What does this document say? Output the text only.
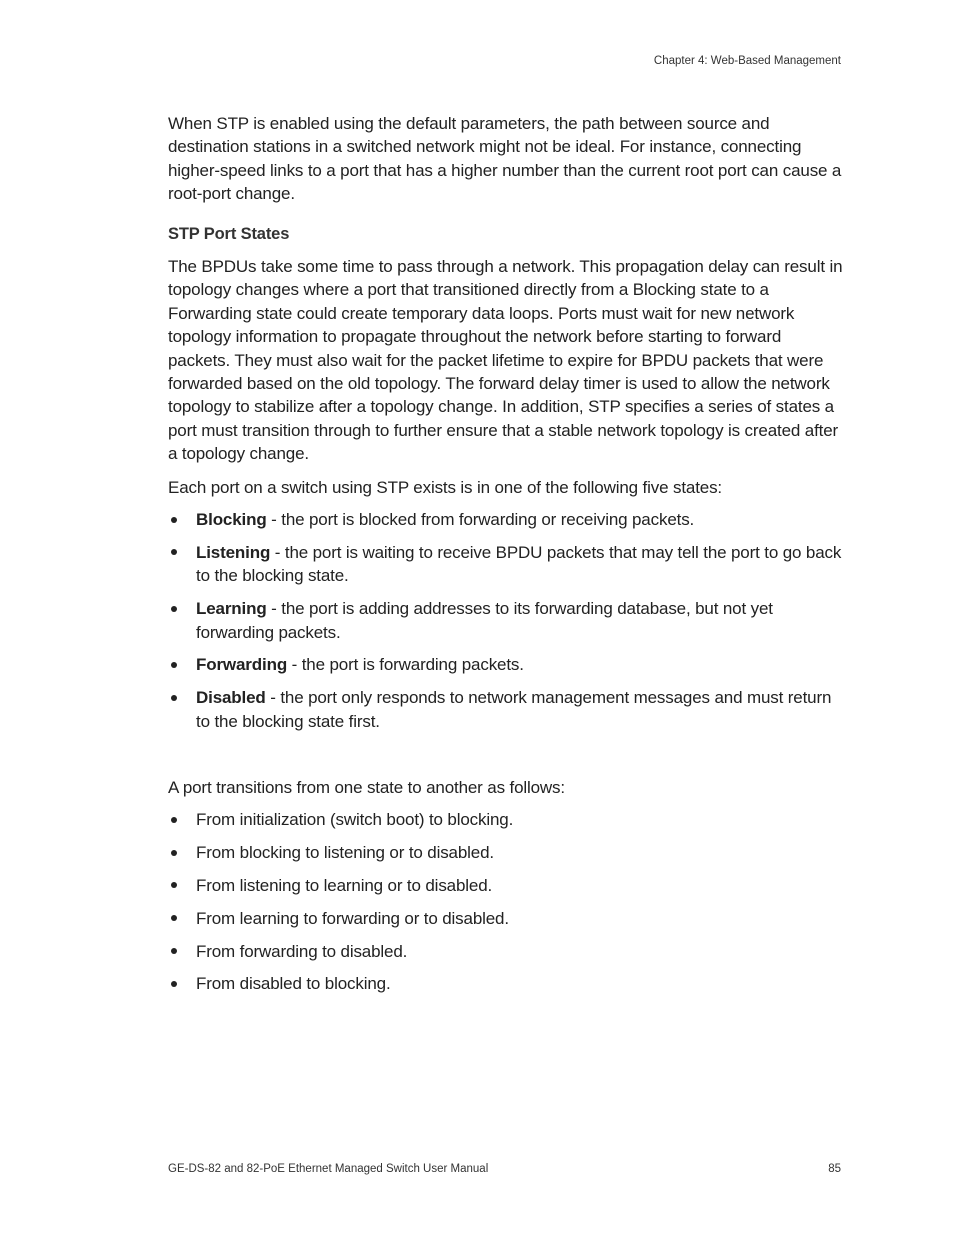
Chapter 4: Web-Based Management

When STP is enabled using the default parameters, the path between source and destination stations in a switched network might not be ideal. For instance, connecting higher-speed links to a port that has a higher number than the current root port can cause a root-port change.

STP Port States

The BPDUs take some time to pass through a network. This propagation delay can result in topology changes where a port that transitioned directly from a Blocking state to a Forwarding state could create temporary data loops. Ports must wait for new network topology information to propagate throughout the network before starting to forward packets. They must also wait for the packet lifetime to expire for BPDU packets that were forwarded based on the old topology. The forward delay timer is used to allow the network topology to stabilize after a topology change. In addition, STP specifies a series of states a port must transition through to further ensure that a stable network topology is created after a topology change.

Each port on a switch using STP exists is in one of the following five states:

Blocking - the port is blocked from forwarding or receiving packets.
Listening - the port is waiting to receive BPDU packets that may tell the port to go back to the blocking state.
Learning - the port is adding addresses to its forwarding database, but not yet forwarding packets.
Forwarding - the port is forwarding packets.
Disabled - the port only responds to network management messages and must return to the blocking state first.

A port transitions from one state to another as follows:

From initialization (switch boot) to blocking.
From blocking to listening or to disabled.
From listening to learning or to disabled.
From learning to forwarding or to disabled.
From forwarding to disabled.
From disabled to blocking.
GE-DS-82 and 82-PoE Ethernet Managed Switch User Manual	85
